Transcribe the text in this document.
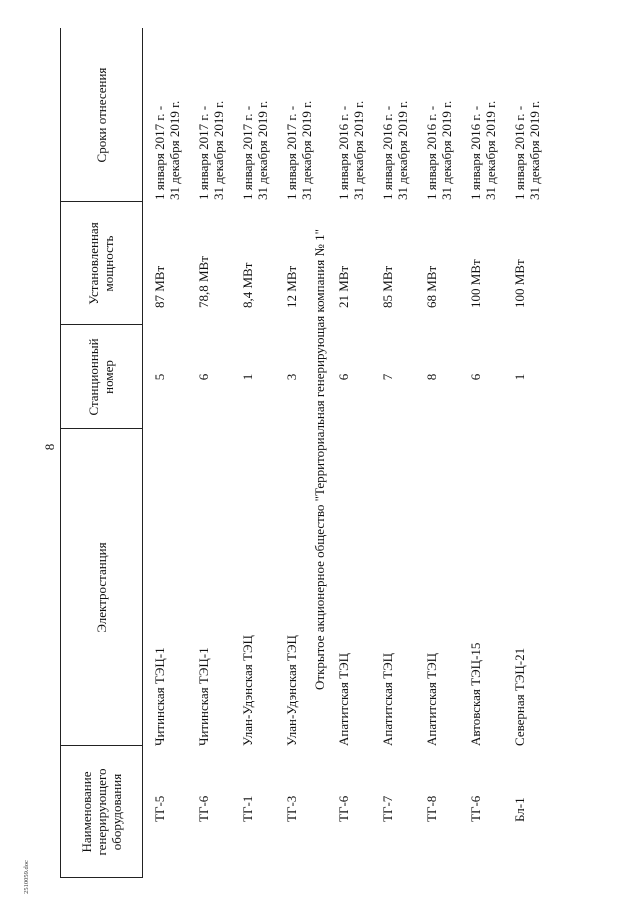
8
Наименование генерирующего оборудования
Электростанция
Станционный номер
Установленная мощность
Сроки отнесения
Открытое акционерное общество "Территориальная генерирующая компания № 1"
ТГ-5
Читинская ТЭЦ-1
5
87 МВт
1 января 2017 г. - 31 декабря 2019 г.
ТГ-6
Читинская ТЭЦ-1
6
78,8 МВт
1 января 2017 г. - 31 декабря 2019 г.
ТГ-1
Улан-Удэнская ТЭЦ
1
8,4 МВт
1 января 2017 г. - 31 декабря 2019 г.
ТГ-3
Улан-Удэнская ТЭЦ
3
12 МВт
1 января 2017 г. - 31 декабря 2019 г.
ТГ-6
Апатитская ТЭЦ
6
21 МВт
1 января 2016 г. - 31 декабря 2019 г.
ТГ-7
Апатитская ТЭЦ
7
85 МВт
1 января 2016 г. - 31 декабря 2019 г.
ТГ-8
Апатитская ТЭЦ
8
68 МВт
1 января 2016 г. - 31 декабря 2019 г.
ТГ-6
Автовская ТЭЦ-15
6
100 МВт
1 января 2016 г. - 31 декабря 2019 г.
Бл-1
Северная ТЭЦ-21
1
100 МВт
1 января 2016 г. - 31 декабря 2019 г.
2510059.doc
